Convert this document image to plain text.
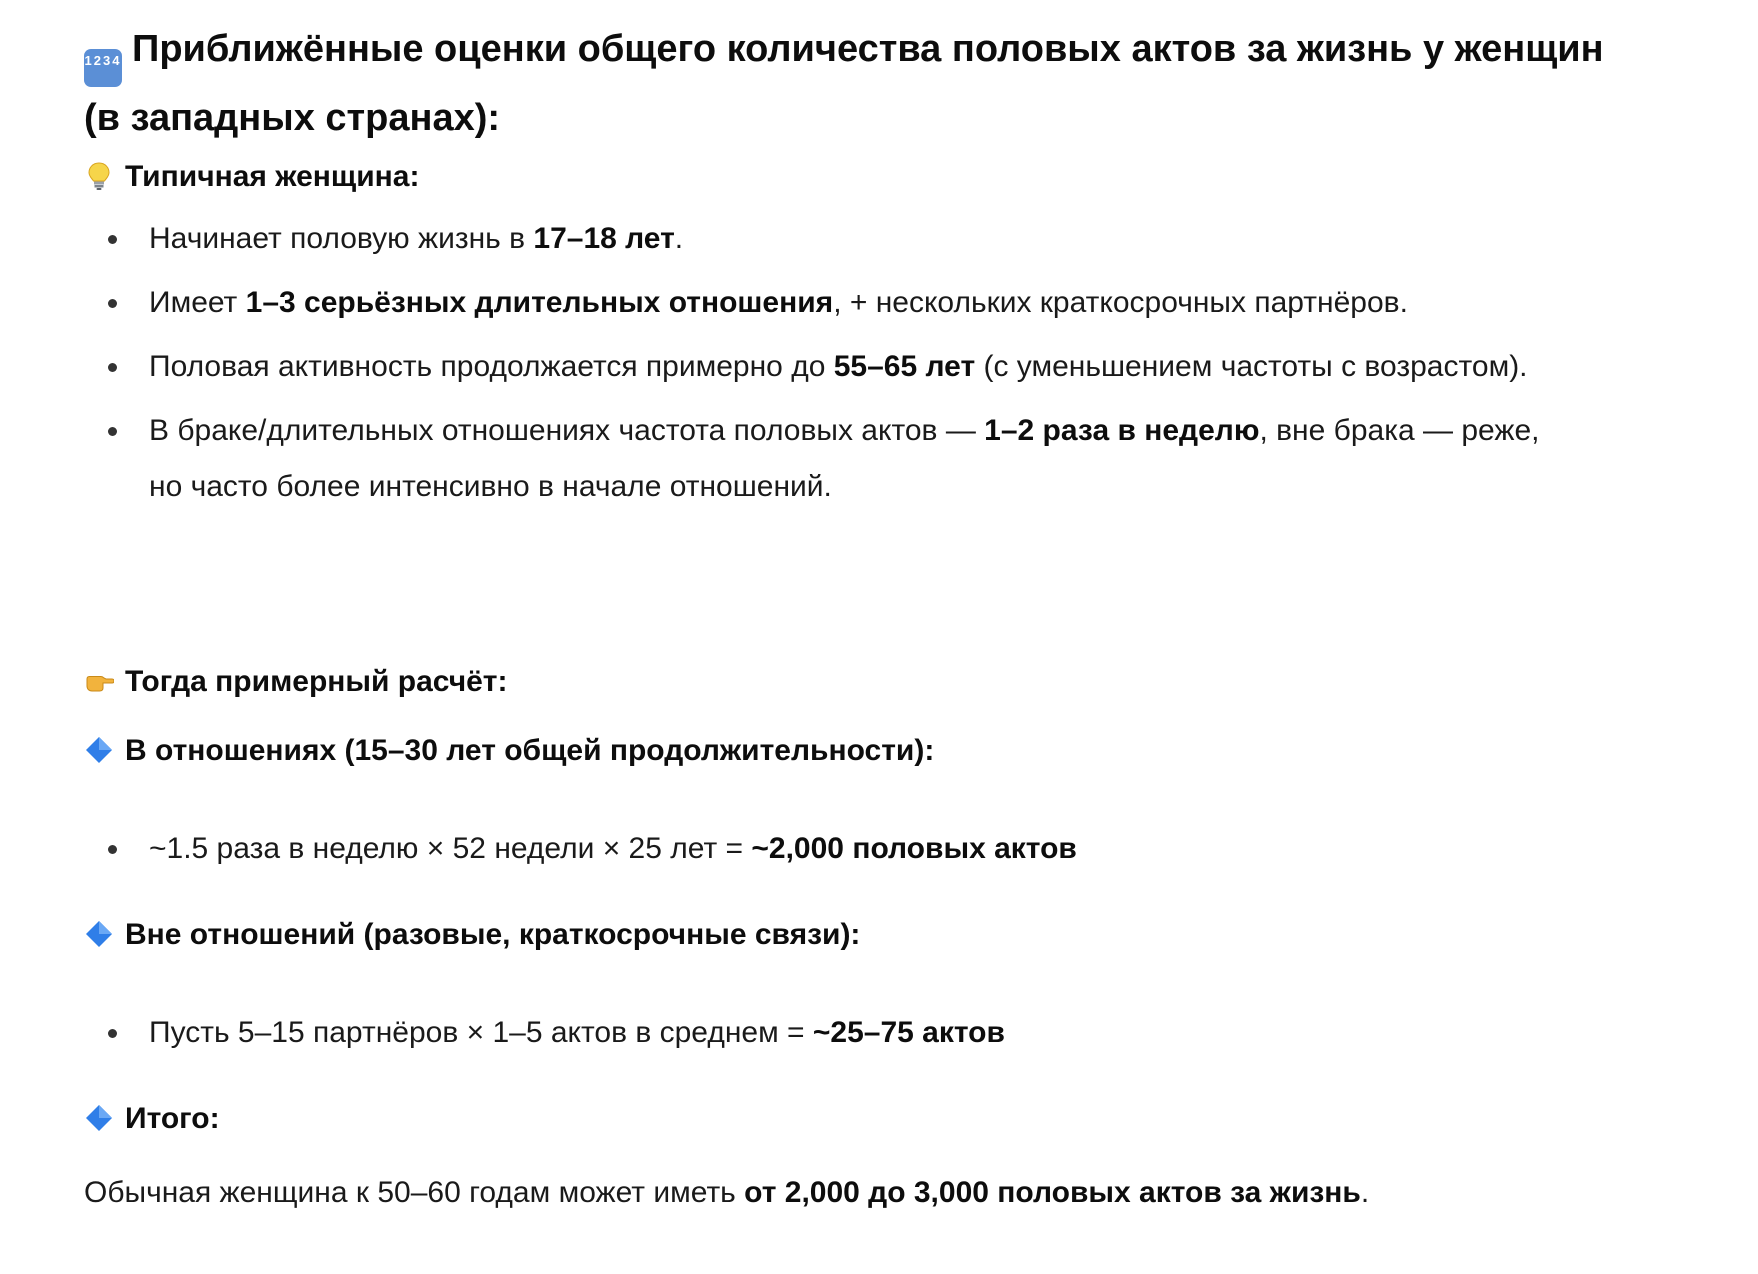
1234 Приближённые оценки общего количества половых актов за жизнь у женщин (в западных странах):

Типичная женщина:

Начинает половую жизнь в 17–18 лет.
Имеет 1–3 серьёзных длительных отношения, + нескольких краткосрочных партнёров.
Половая активность продолжается примерно до 55–65 лет (с уменьшением частоты с возрастом).
В браке/длительных отношениях частота половых актов — 1–2 раза в неделю, вне брака — реже, но часто более интенсивно в начале отношений.

Тогда примерный расчёт:

В отношениях (15–30 лет общей продолжительности):

~1.5 раза в неделю × 52 недели × 25 лет = ~2,000 половых актов

Вне отношений (разовые, краткосрочные связи):

Пусть 5–15 партнёров × 1–5 актов в среднем = ~25–75 актов

Итого:

Обычная женщина к 50–60 годам может иметь от 2,000 до 3,000 половых актов за жизнь.
